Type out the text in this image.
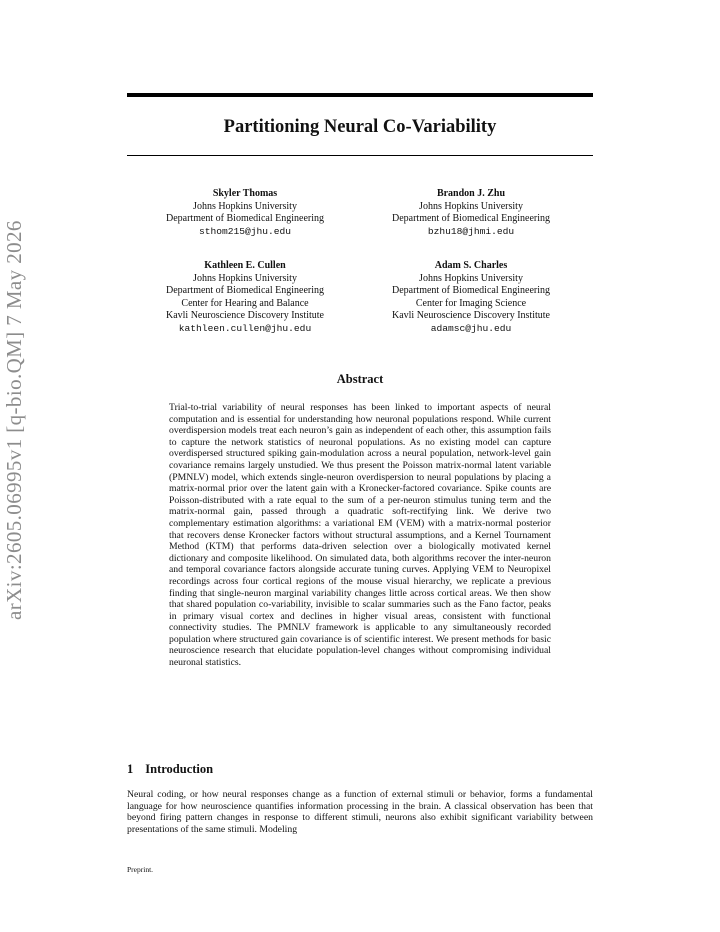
arXiv:2605.06995v1 [q-bio.QM] 7 May 2026
Partitioning Neural Co-Variability
Skyler Thomas
Johns Hopkins University
Department of Biomedical Engineering
sthom215@jhu.edu
Brandon J. Zhu
Johns Hopkins University
Department of Biomedical Engineering
bzhu18@jhmi.edu
Kathleen E. Cullen
Johns Hopkins University
Department of Biomedical Engineering
Center for Hearing and Balance
Kavli Neuroscience Discovery Institute
kathleen.cullen@jhu.edu
Adam S. Charles
Johns Hopkins University
Department of Biomedical Engineering
Center for Imaging Science
Kavli Neuroscience Discovery Institute
adamsc@jhu.edu
Abstract
Trial-to-trial variability of neural responses has been linked to important aspects of neural computation and is essential for understanding how neuronal populations respond. While current overdispersion models treat each neuron’s gain as independent of each other, this assumption fails to capture the network statistics of neuronal populations. As no existing model can capture overdispersed structured spiking gain-modulation across a neural population, network-level gain covariance remains largely unstudied. We thus present the Poisson matrix-normal latent variable (PMNLV) model, which extends single-neuron overdispersion to neural populations by placing a matrix-normal prior over the latent gain with a Kronecker-factored covariance. Spike counts are Poisson-distributed with a rate equal to the sum of a per-neuron stimulus tuning term and the matrix-normal gain, passed through a quadratic soft-rectifying link. We derive two complementary estimation algorithms: a variational EM (VEM) with a matrix-normal posterior that recovers dense Kronecker factors without structural assumptions, and a Kernel Tournament Method (KTM) that performs data-driven selection over a biologically motivated kernel dictionary and composite likelihood. On simulated data, both algorithms recover the inter-neuron and temporal covariance factors alongside accurate tuning curves. Applying VEM to Neuropixel recordings across four cortical regions of the mouse visual hierarchy, we replicate a previous finding that single-neuron marginal variability changes little across cortical areas. We then show that shared population co-variability, invisible to scalar summaries such as the Fano factor, peaks in primary visual cortex and declines in higher visual areas, consistent with functional connectivity studies. The PMNLV framework is applicable to any simultaneously recorded population where structured gain covariance is of scientific interest. We present methods for basic neuroscience research that elucidate population-level changes without compromising individual neuronal statistics.
1 Introduction
Neural coding, or how neural responses change as a function of external stimuli or behavior, forms a fundamental language for how neuroscience quantifies information processing in the brain. A classical observation has been that beyond firing pattern changes in response to different stimuli, neurons also exhibit significant variability between presentations of the same stimuli. Modeling
Preprint.
